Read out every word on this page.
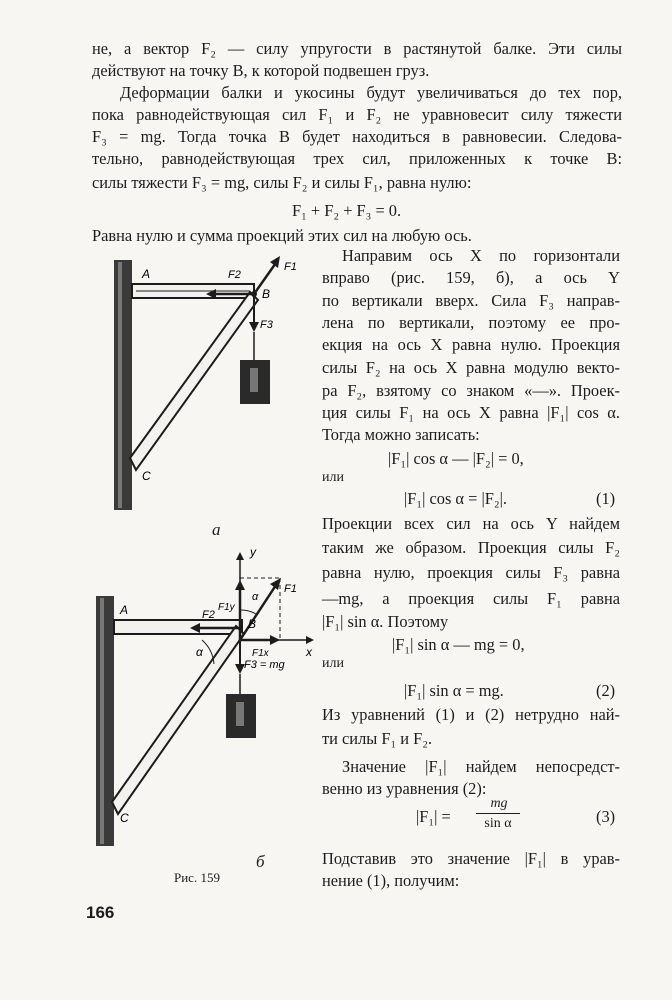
не, а вектор F₂ — силу упругости в растянутой балке. Эти силы
действуют на точку B, к которой подвешен груз.
Деформации балки и укосины будут увеличиваться до тех пор,
пока равнодействующая сил F₁ и F₂ не уравновесит силу тяжести
F₃ = mg. Тогда точка B будет находиться в равновесии. Следова-
тельно, равнодействующая трех сил, приложенных к точке B:
силы тяжести F₃ = mg, силы F₂ и силы F₁, равна нулю:
F₁ + F₂ + F₃ = 0.
Равна нулю и сумма проекций этих сил на любую ось.
Направим ось X по горизонтали
вправо (рис. 159, б), а ось Y
по вертикали вверх. Сила F₃ направ-
лена по вертикали, поэтому ее про-
екция на ось X равна нулю. Проекция
силы F₂ на ось X равна модулю векто-
ра F₂, взятому со знаком «—». Проек-
ция силы F₁ на ось X равна |F₁| cos α.
Тогда можно записать:
|F₁| cos α — |F₂| = 0,
или
|F₁| cos α = |F₂|.	(1)
Проекции всех сил на ось Y найдем
таким же образом. Проекция силы F₂
равна нулю, проекция силы F₃ равна
—mg, а проекция силы F₁ равна
|F₁| sin α. Поэтому
|F₁| sin α — mg = 0,
или
|F₁| sin α = mg.	(2)
Из уравнений (1) и (2) нетрудно най-
ти силы F₁ и F₂.
Значение |F₁| найдем непосредст-
венно из уравнения (2):
|F₁| =
mg
sin α	(3)
Подставив это значение |F₁| в урав-
нение (1), получим:
A
B
C
F1
F2
F3
а
A
B
C
F1
F2
F1y
F1x
F3 = mg
α
α
x
y
б
Рис. 159
166
